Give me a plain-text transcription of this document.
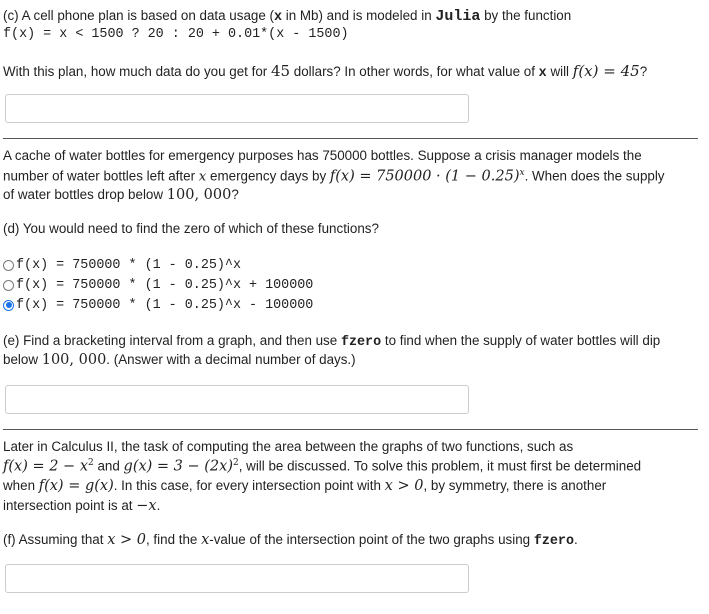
(c) A cell phone plan is based on data usage (x in Mb) and is modeled in Julia by the function
f(x) = x < 1500 ? 20 : 20 + 0.01*(x - 1500)
With this plan, how much data do you get for 45 dollars? In other words, for what value of x will f(x) = 45?
A cache of water bottles for emergency purposes has 750000 bottles. Suppose a crisis manager models the
number of water bottles left after x emergency days by $f(x) = 750000 \cdot (1 - 0.25)^x$. When does the supply
of water bottles drop below 100, 000?
(d) You would need to find the zero of which of these functions?
f(x) = 750000 * (1 - 0.25)^x
f(x) = 750000 * (1 - 0.25)^x + 100000
f(x) = 750000 * (1 - 0.25)^x - 100000
(e) Find a bracketing interval from a graph, and then use fzero to find when the supply of water bottles will dip
below 100, 000. (Answer with a decimal number of days.)
Later in Calculus II, the task of computing the area between the graphs of two functions, such as
$f(x) = 2 - x^2$ and $g(x) = 3 - (2x)^2$, will be discussed. To solve this problem, it must first be determined
when f(x) = g(x). In this case, for every intersection point with x > 0, by symmetry, there is another
intersection point is at −x.
(f) Assuming that x > 0, find the x-value of the intersection point of the two graphs using fzero.
